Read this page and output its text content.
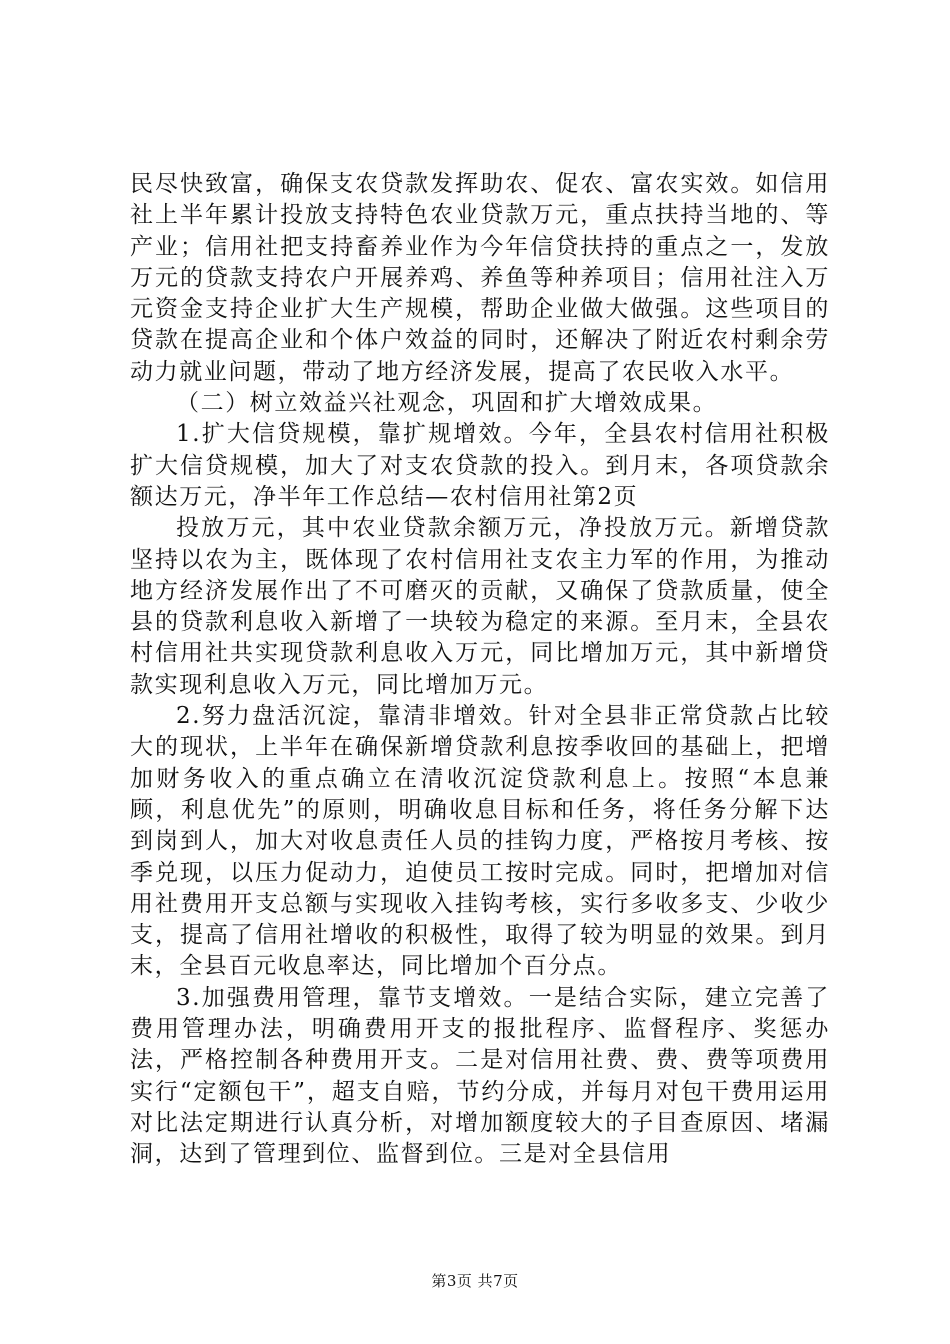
民尽快致富，确保支农贷款发挥助农、促农、富农实效。如信用社上半年累计投放支持特色农业贷款万元，重点扶持当地的、等产业；信用社把支持畜养业作为今年信贷扶持的重点之一，发放万元的贷款支持农户开展养鸡、养鱼等种养项目；信用社注入万元资金支持企业扩大生产规模，帮助企业做大做强。这些项目的贷款在提高企业和个体户效益的同时，还解决了附近农村剩余劳动力就业问题，带动了地方经济发展，提高了农民收入水平。

（二）树立效益兴社观念，巩固和扩大增效成果。

1.扩大信贷规模，靠扩规增效。今年，全县农村信用社积极扩大信贷规模，加大了对支农贷款的投入。到月末，各项贷款余额达万元，净半年工作总结—农村信用社第2页

投放万元，其中农业贷款余额万元，净投放万元。新增贷款坚持以农为主，既体现了农村信用社支农主力军的作用，为推动地方经济发展作出了不可磨灭的贡献，又确保了贷款质量，使全县的贷款利息收入新增了一块较为稳定的来源。至月末，全县农村信用社共实现贷款利息收入万元，同比增加万元，其中新增贷款实现利息收入万元，同比增加万元。

2.努力盘活沉淀，靠清非增效。针对全县非正常贷款占比较大的现状，上半年在确保新增贷款利息按季收回的基础上，把增加财务收入的重点确立在清收沉淀贷款利息上。按照“本息兼顾，利息优先”的原则，明确收息目标和任务，将任务分解下达到岗到人，加大对收息责任人员的挂钩力度，严格按月考核、按季兑现，以压力促动力，迫使员工按时完成。同时，把增加对信用社费用开支总额与实现收入挂钩考核，实行多收多支、少收少支，提高了信用社增收的积极性，取得了较为明显的效果。到月末，全县百元收息率达，同比增加个百分点。

3.加强费用管理，靠节支增效。一是结合实际，建立完善了费用管理办法，明确费用开支的报批程序、监督程序、奖惩办法，严格控制各种费用开支。二是对信用社费、费、费等项费用实行“定额包干”，超支自赔，节约分成，并每月对包干费用运用对比法定期进行认真分析，对增加额度较大的子目查原因、堵漏洞，达到了管理到位、监督到位。三是对全县信用

第3页 共7页
